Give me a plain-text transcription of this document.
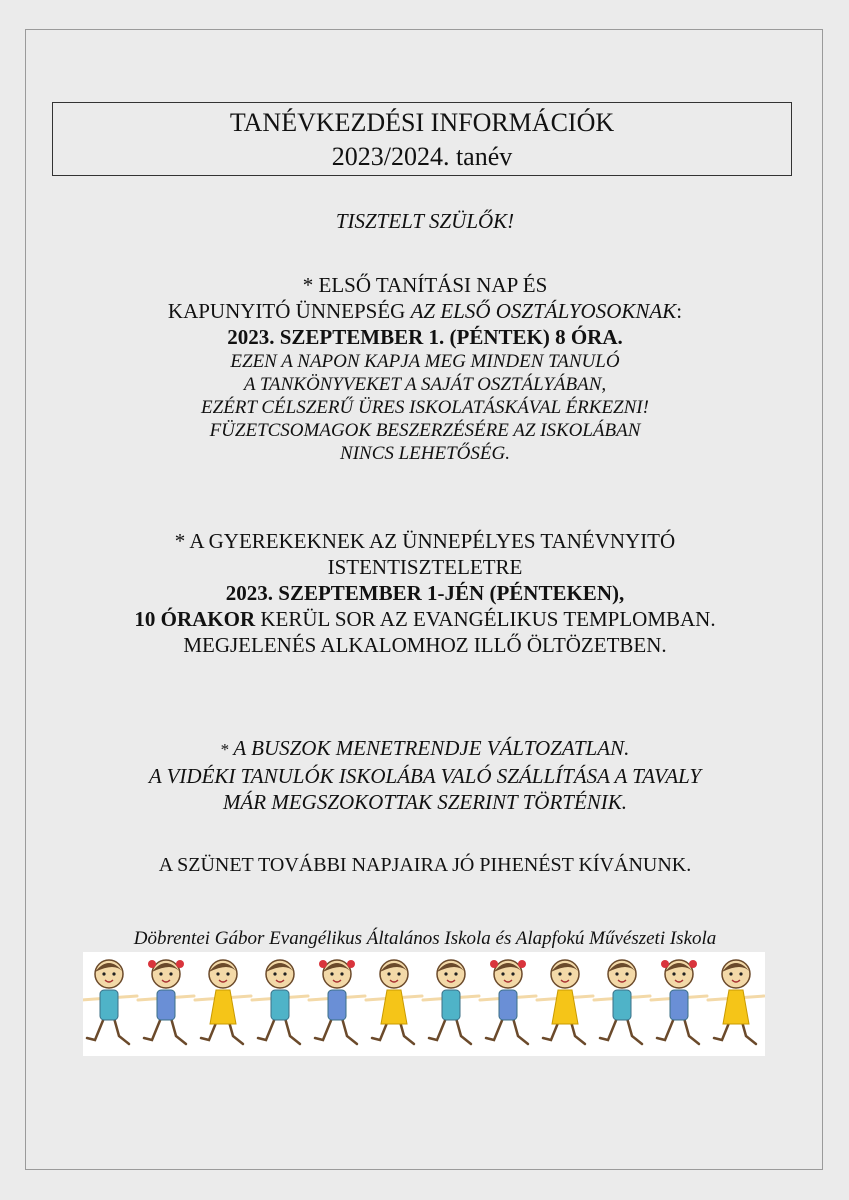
TANÉVKEZDÉSI INFORMÁCIÓK
2023/2024. tanév
TISZTELT SZÜLŐK!
* ELSŐ TANÍTÁSI NAP ÉS
KAPUNYITÓ ÜNNEPSÉG AZ ELSŐ OSZTÁLYOSOKNAK:
2023. SZEPTEMBER 1. (PÉNTEK) 8 ÓRA.
EZEN A NAPON KAPJA MEG MINDEN TANULÓ
A TANKÖNYVEKET A SAJÁT OSZTÁLYÁBAN,
EZÉRT CÉLSZERŰ ÜRES ISKOLATÁSKÁVAL ÉRKEZNI!
FÜZETCSOMAGOK BESZERZÉSÉRE AZ ISKOLÁBAN
NINCS LEHETŐSÉG.
* A GYEREKEKNEK AZ ÜNNEPÉLYES TANÉVNYITÓ
ISTENTISZTELETRE
2023. SZEPTEMBER 1-JÉN (PÉNTEKEN),
10 ÓRAKOR KERÜL SOR AZ EVANGÉLIKUS TEMPLOMBAN.
MEGJELENÉS ALKALOMHOZ ILLŐ ÖLTÖZETBEN.
* A BUSZOK MENETRENDJE VÁLTOZATLAN.
A VIDÉKI TANULÓK ISKOLÁBA VALÓ SZÁLLÍTÁSA A TAVALY
MÁR MEGSZOKOTTAK SZERINT TÖRTÉNIK.
A SZÜNET TOVÁBBI NAPJAIRA JÓ PIHENÉST KÍVÁNUNK.
Döbrentei Gábor Evangélikus Általános Iskola és Alapfokú Művészeti Iskola
